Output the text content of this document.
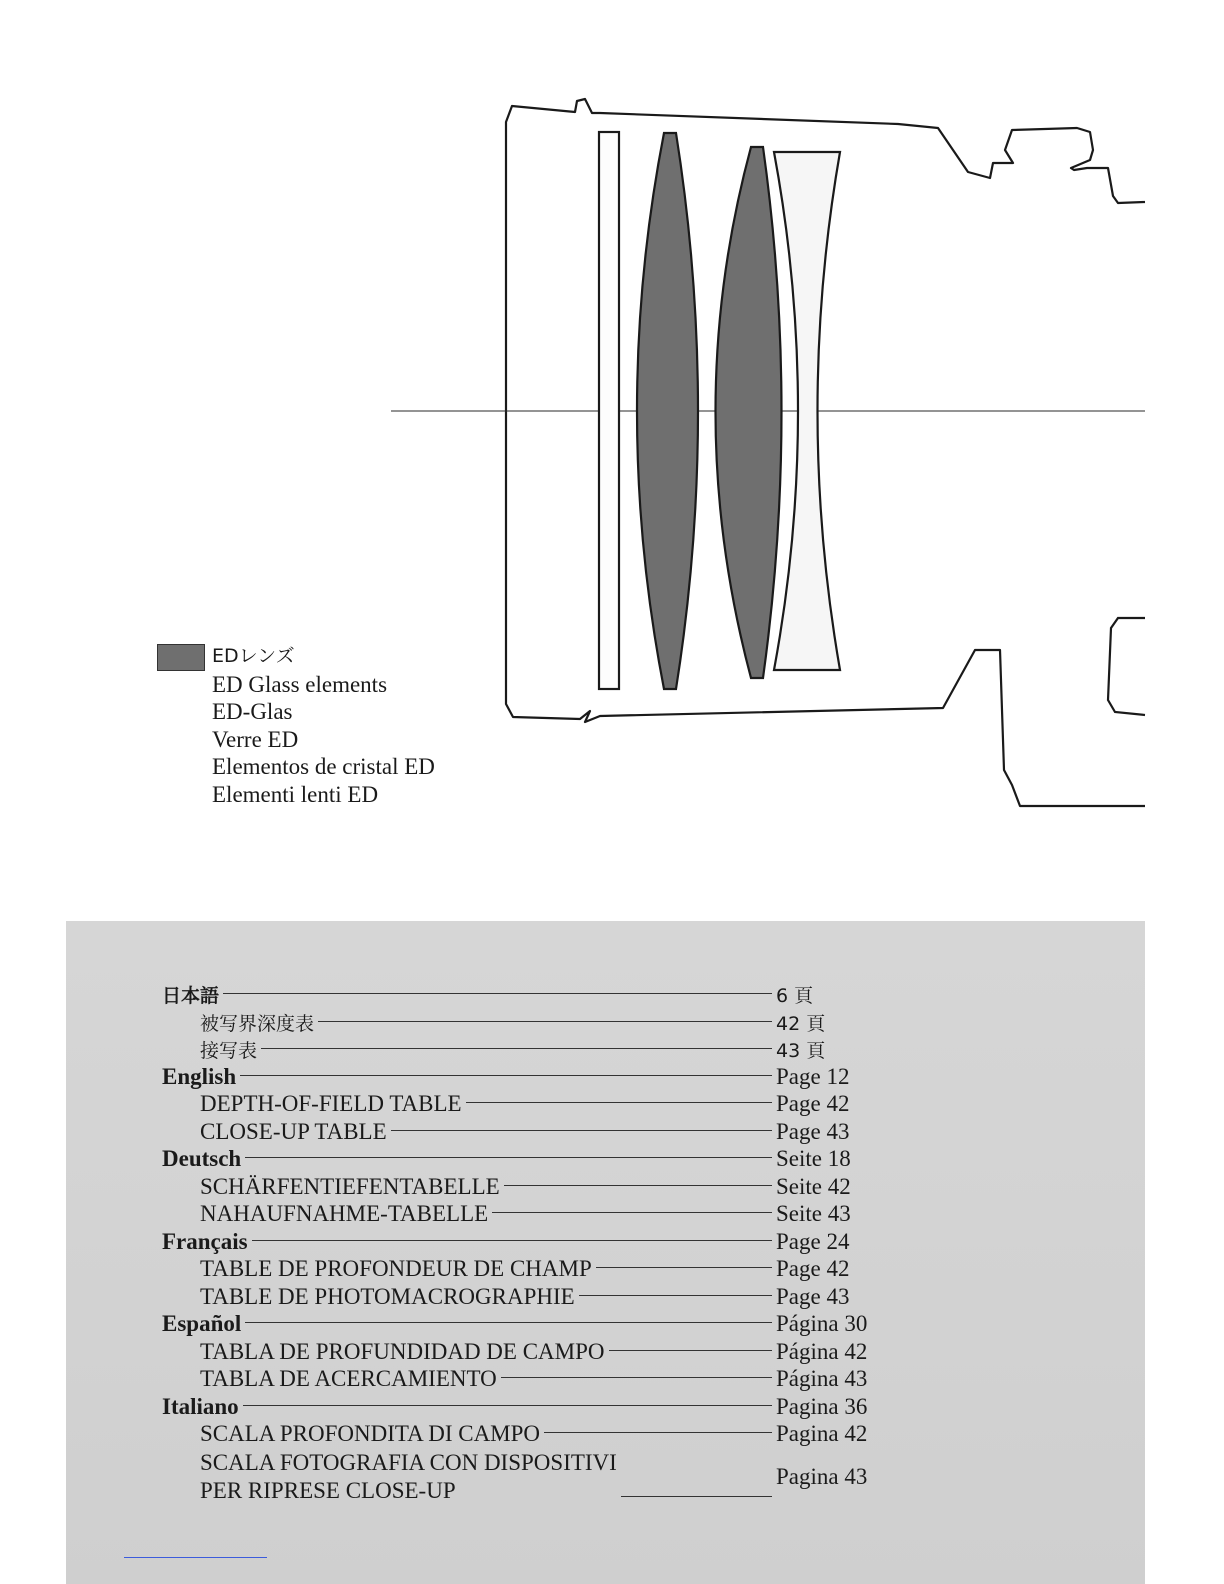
EDレンズ
ED Glass elements
ED-Glas
Verre ED
Elementos de cristal ED
Elementi lenti ED
日本語	6 頁
被写界深度表	42 頁
接写表	43 頁
English	Page 12
DEPTH-OF-FIELD TABLE	Page 42
CLOSE-UP TABLE	Page 43
Deutsch	Seite 18
SCHÄRFENTIEFENTABELLE	Seite 42
NAHAUFNAHME-TABELLE	Seite 43
Français	Page 24
TABLE DE PROFONDEUR DE CHAMP	Page 42
TABLE DE PHOTOMACROGRAPHIE	Page 43
Español	Página 30
TABLA DE PROFUNDIDAD DE CAMPO	Página 42
TABLA DE ACERCAMIENTO	Página 43
Italiano	Pagina 36
SCALA PROFONDITA DI CAMPO	Pagina 42
SCALA FOTOGRAFIA CON DISPOSITIVI
PER RIPRESE CLOSE-UP
Pagina 43
